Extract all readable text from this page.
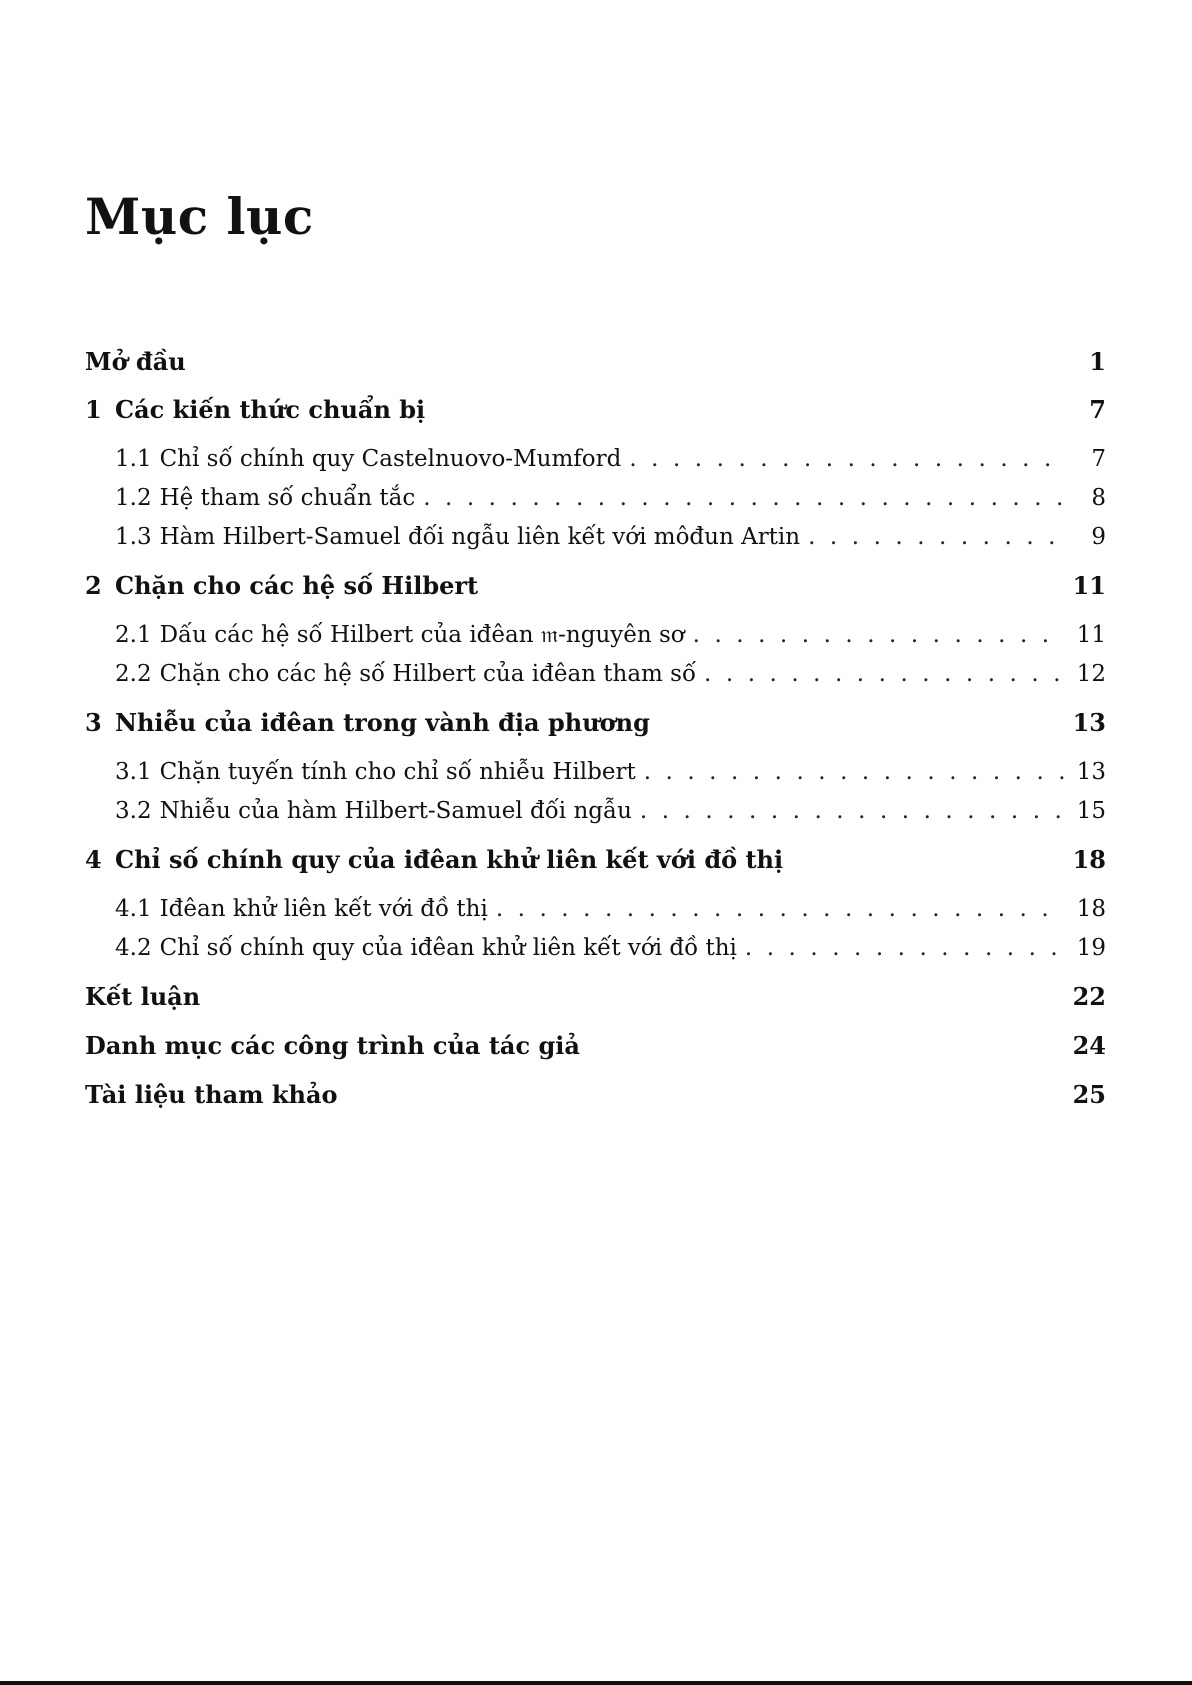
Mục lục
Mở đầu	1
1 Các kiến thức chuẩn bị	7
1.1 Chỉ số chính quy Castelnuovo-Mumford . . .	7
1.2 Hệ tham số chuẩn tắc . . .	8
1.3 Hàm Hilbert-Samuel đối ngẫu liên kết với môđun Artin . . .	9
2 Chặn cho các hệ số Hilbert	11
2.1 Dấu các hệ số Hilbert của iđêan 𝔪-nguyên sơ . . .	11
2.2 Chặn cho các hệ số Hilbert của iđêan tham số . . .	12
3 Nhiễu của iđêan trong vành địa phương	13
3.1 Chặn tuyến tính cho chỉ số nhiễu Hilbert . . .	13
3.2 Nhiễu của hàm Hilbert-Samuel đối ngẫu . . .	15
4 Chỉ số chính quy của iđêan khử liên kết với đồ thị	18
4.1 Iđêan khử liên kết với đồ thị . . .	18
4.2 Chỉ số chính quy của iđêan khử liên kết với đồ thị . . .	19
Kết luận	22
Danh mục các công trình của tác giả	24
Tài liệu tham khảo	25
